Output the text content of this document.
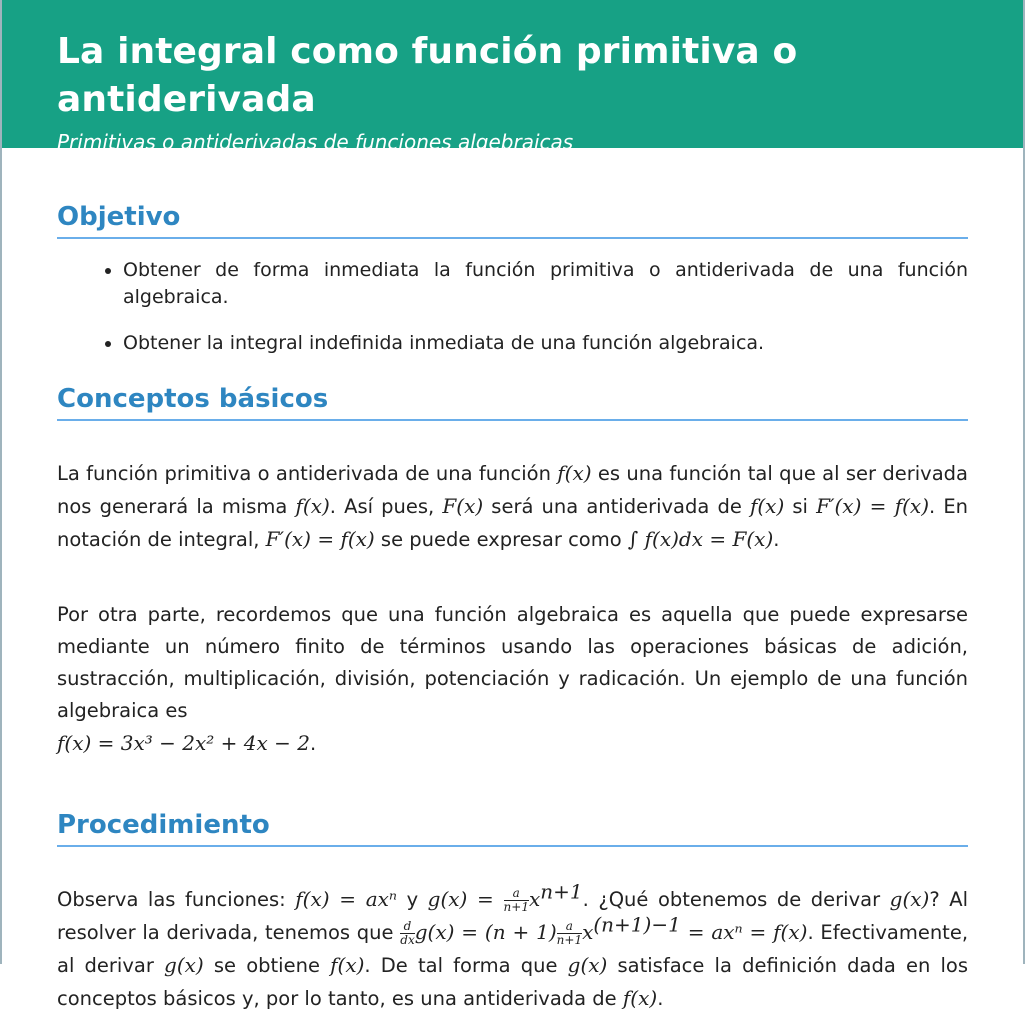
La integral como función primitiva o antiderivada
Primitivas o antiderivadas de funciones algebraicas
Objetivo
• Obtener de forma inmediata la función primitiva o antiderivada de una función algebraica.
• Obtener la integral indefinida inmediata de una función algebraica.
Conceptos básicos

La función primitiva o antiderivada de una función f(x) es una función tal que al ser derivada nos generará la misma f(x). Así pues, F(x) será una antiderivada de f(x) si F′(x) = f(x). En notación de integral, F′(x) = f(x) se puede expresar como ∫ f(x)dx = F(x).

Por otra parte, recordemos que una función algebraica es aquella que puede expresarse mediante un número finito de términos usando las operaciones básicas de adición, sustracción, multiplicación, división, potenciación y radicación. Un ejemplo de una función algebraica es
f(x) = 3x³ − 2x² + 4x − 2.

Procedimiento

Observa las funciones: f(x) = axⁿ y $g(x) = \frac{a}{n+1} x^{n+1}$. ¿Qué obtenemos de derivar g(x)? Al resolver la derivada, tenemos que $\frac{d}{dx} g(x) = (n + 1) \frac{a}{n+1} x^{(n+1)-1} = ax^n = f(x)$. Efectivamente, al derivar g(x) se obtiene f(x). De tal forma que g(x) satisface la definición dada en los conceptos básicos y, por lo tanto, es una antiderivada de f(x).
